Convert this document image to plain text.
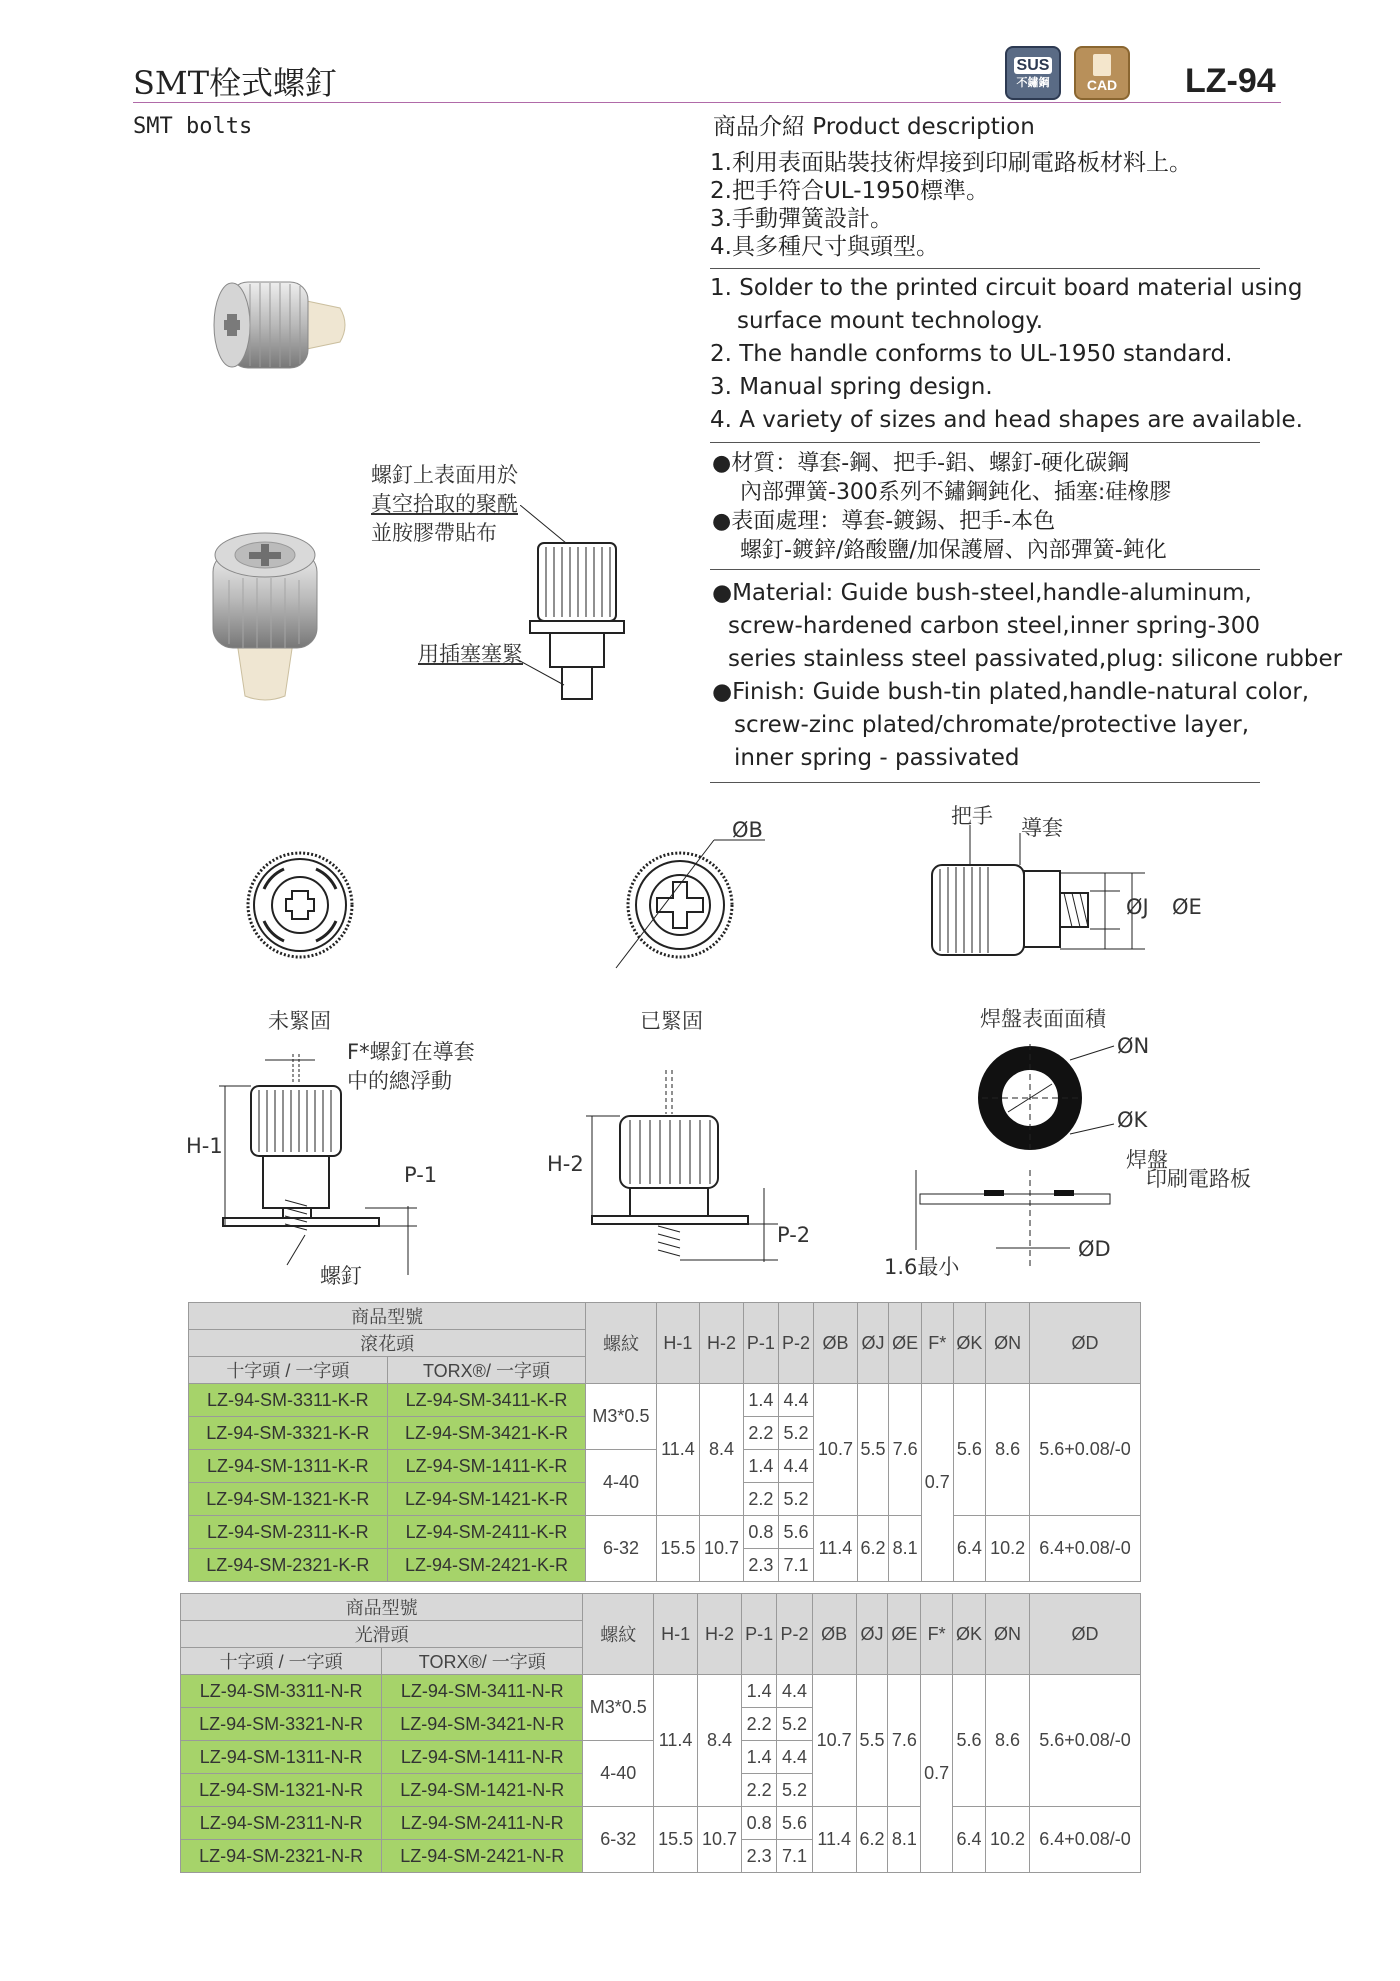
SMT栓式螺釘
SMT bolts
SUS
不鏽鋼	CAD LZ-94
商品介紹 Product description
1.利用表面貼裝技術焊接到印刷電路板材料上。
2.把手符合UL-1950標準。
3.手動彈簧設計。
4.具多種尺寸與頭型。
1. Solder to the printed circuit board material using
surface mount technology.
2. The handle conforms to UL-1950 standard.
3. Manual spring design.
4. A variety of sizes and head shapes are available.
●材質：導套-鋼、把手-鋁、螺釘-硬化碳鋼
內部彈簧-300系列不鏽鋼鈍化、插塞:硅橡膠
●表面處理：導套-鍍錫、把手-本色
螺釘-鍍鋅/鉻酸鹽/加保護層、內部彈簧-鈍化
●Material: Guide bush-steel,handle-aluminum,
screw-hardened carbon steel,inner spring-300
series stainless steel passivated,plug: silicone rubber
●Finish: Guide bush-tin plated,handle-natural color,
screw-zinc plated/chromate/protective layer,
inner spring - passivated
螺釘上表面用於
真空拾取的聚酰
並胺膠帶貼布
用插塞塞緊
ØB
把手 導套
ØJ ØE
未緊固
F*螺釘在導套
中的總浮動
H-1
P-1
螺釘
已緊固
H-2
P-2
焊盤表面面積
ØN
ØK
焊盤
印刷電路板
1.6最小
ØD
商品型號		螺紋	H-1	H-2	P-1	P-2	ØB	ØJ	ØE	F*	ØK	ØN	ØD
滾花頭													
十字頭 / 一字頭	TORX®/ 一字頭												
LZ-94-SM-3311-K-R	LZ-94-SM-3411-K-R	M3*0.5	11.4	8.4	1.4	4.4	10.7	5.5	7.6	0.7	5.6	8.6	5.6+0.08/-0
LZ-94-SM-3321-K-R	LZ-94-SM-3421-K-R				2.2	5.2							
LZ-94-SM-1311-K-R	LZ-94-SM-1411-K-R	4-40			1.4	4.4							
LZ-94-SM-1321-K-R	LZ-94-SM-1421-K-R				2.2	5.2							
LZ-94-SM-2311-K-R	LZ-94-SM-2411-K-R	6-32	15.5	10.7	0.8	5.6	11.4	6.2	8.1		6.4	10.2	6.4+0.08/-0
LZ-94-SM-2321-K-R	LZ-94-SM-2421-K-R				2.3	7.1							
商品型號		螺紋	H-1	H-2	P-1	P-2	ØB	ØJ	ØE	F*	ØK	ØN	ØD
光滑頭													
十字頭 / 一字頭	TORX®/ 一字頭												
LZ-94-SM-3311-N-R	LZ-94-SM-3411-N-R	M3*0.5	11.4	8.4	1.4	4.4	10.7	5.5	7.6	0.7	5.6	8.6	5.6+0.08/-0
LZ-94-SM-3321-N-R	LZ-94-SM-3421-N-R				2.2	5.2							
LZ-94-SM-1311-N-R	LZ-94-SM-1411-N-R	4-40			1.4	4.4							
LZ-94-SM-1321-N-R	LZ-94-SM-1421-N-R				2.2	5.2							
LZ-94-SM-2311-N-R	LZ-94-SM-2411-N-R	6-32	15.5	10.7	0.8	5.6	11.4	6.2	8.1		6.4	10.2	6.4+0.08/-0
LZ-94-SM-2321-N-R	LZ-94-SM-2421-N-R				2.3	7.1							
